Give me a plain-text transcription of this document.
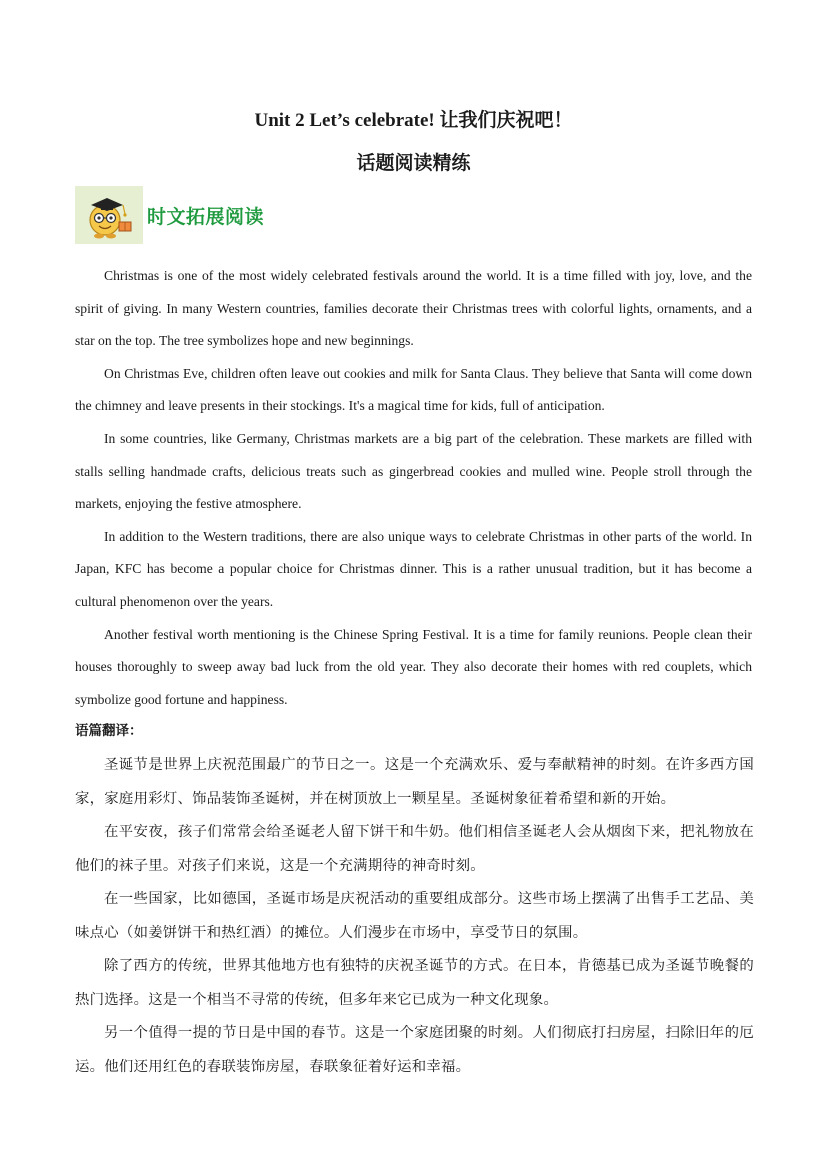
Unit 2 Let’s celebrate! 让我们庆祝吧！
话题阅读精练
时文拓展阅读

Christmas is one of the most widely celebrated festivals around the world. It is a time filled with joy, love, and the spirit of giving. In many Western countries, families decorate their Christmas trees with colorful lights, ornaments, and a star on the top. The tree symbolizes hope and new beginnings.

On Christmas Eve, children often leave out cookies and milk for Santa Claus. They believe that Santa will come down the chimney and leave presents in their stockings. It's a magical time for kids, full of anticipation.

In some countries, like Germany, Christmas markets are a big part of the celebration. These markets are filled with stalls selling handmade crafts, delicious treats such as gingerbread cookies and mulled wine. People stroll through the markets, enjoying the festive atmosphere.

In addition to the Western traditions, there are also unique ways to celebrate Christmas in other parts of the world. In Japan, KFC has become a popular choice for Christmas dinner. This is a rather unusual tradition, but it has become a cultural phenomenon over the years.

Another festival worth mentioning is the Chinese Spring Festival. It is a time for family reunions. People clean their houses thoroughly to sweep away bad luck from the old year. They also decorate their homes with red couplets, which symbolize good fortune and happiness.

语篇翻译：

圣诞节是世界上庆祝范围最广的节日之一。这是一个充满欢乐、爱与奉献精神的时刻。在许多西方国家，家庭用彩灯、饰品装饰圣诞树，并在树顶放上一颗星星。圣诞树象征着希望和新的开始。

在平安夜，孩子们常常会给圣诞老人留下饼干和牛奶。他们相信圣诞老人会从烟囱下来，把礼物放在他们的袜子里。对孩子们来说，这是一个充满期待的神奇时刻。

在一些国家，比如德国，圣诞市场是庆祝活动的重要组成部分。这些市场上摆满了出售手工艺品、美味点心（如姜饼饼干和热红酒）的摊位。人们漫步在市场中，享受节日的氛围。

除了西方的传统，世界其他地方也有独特的庆祝圣诞节的方式。在日本，肯德基已成为圣诞节晚餐的热门选择。这是一个相当不寻常的传统，但多年来它已成为一种文化现象。

另一个值得一提的节日是中国的春节。这是一个家庭团聚的时刻。人们彻底打扫房屋，扫除旧年的厄运。他们还用红色的春联装饰房屋，春联象征着好运和幸福。
